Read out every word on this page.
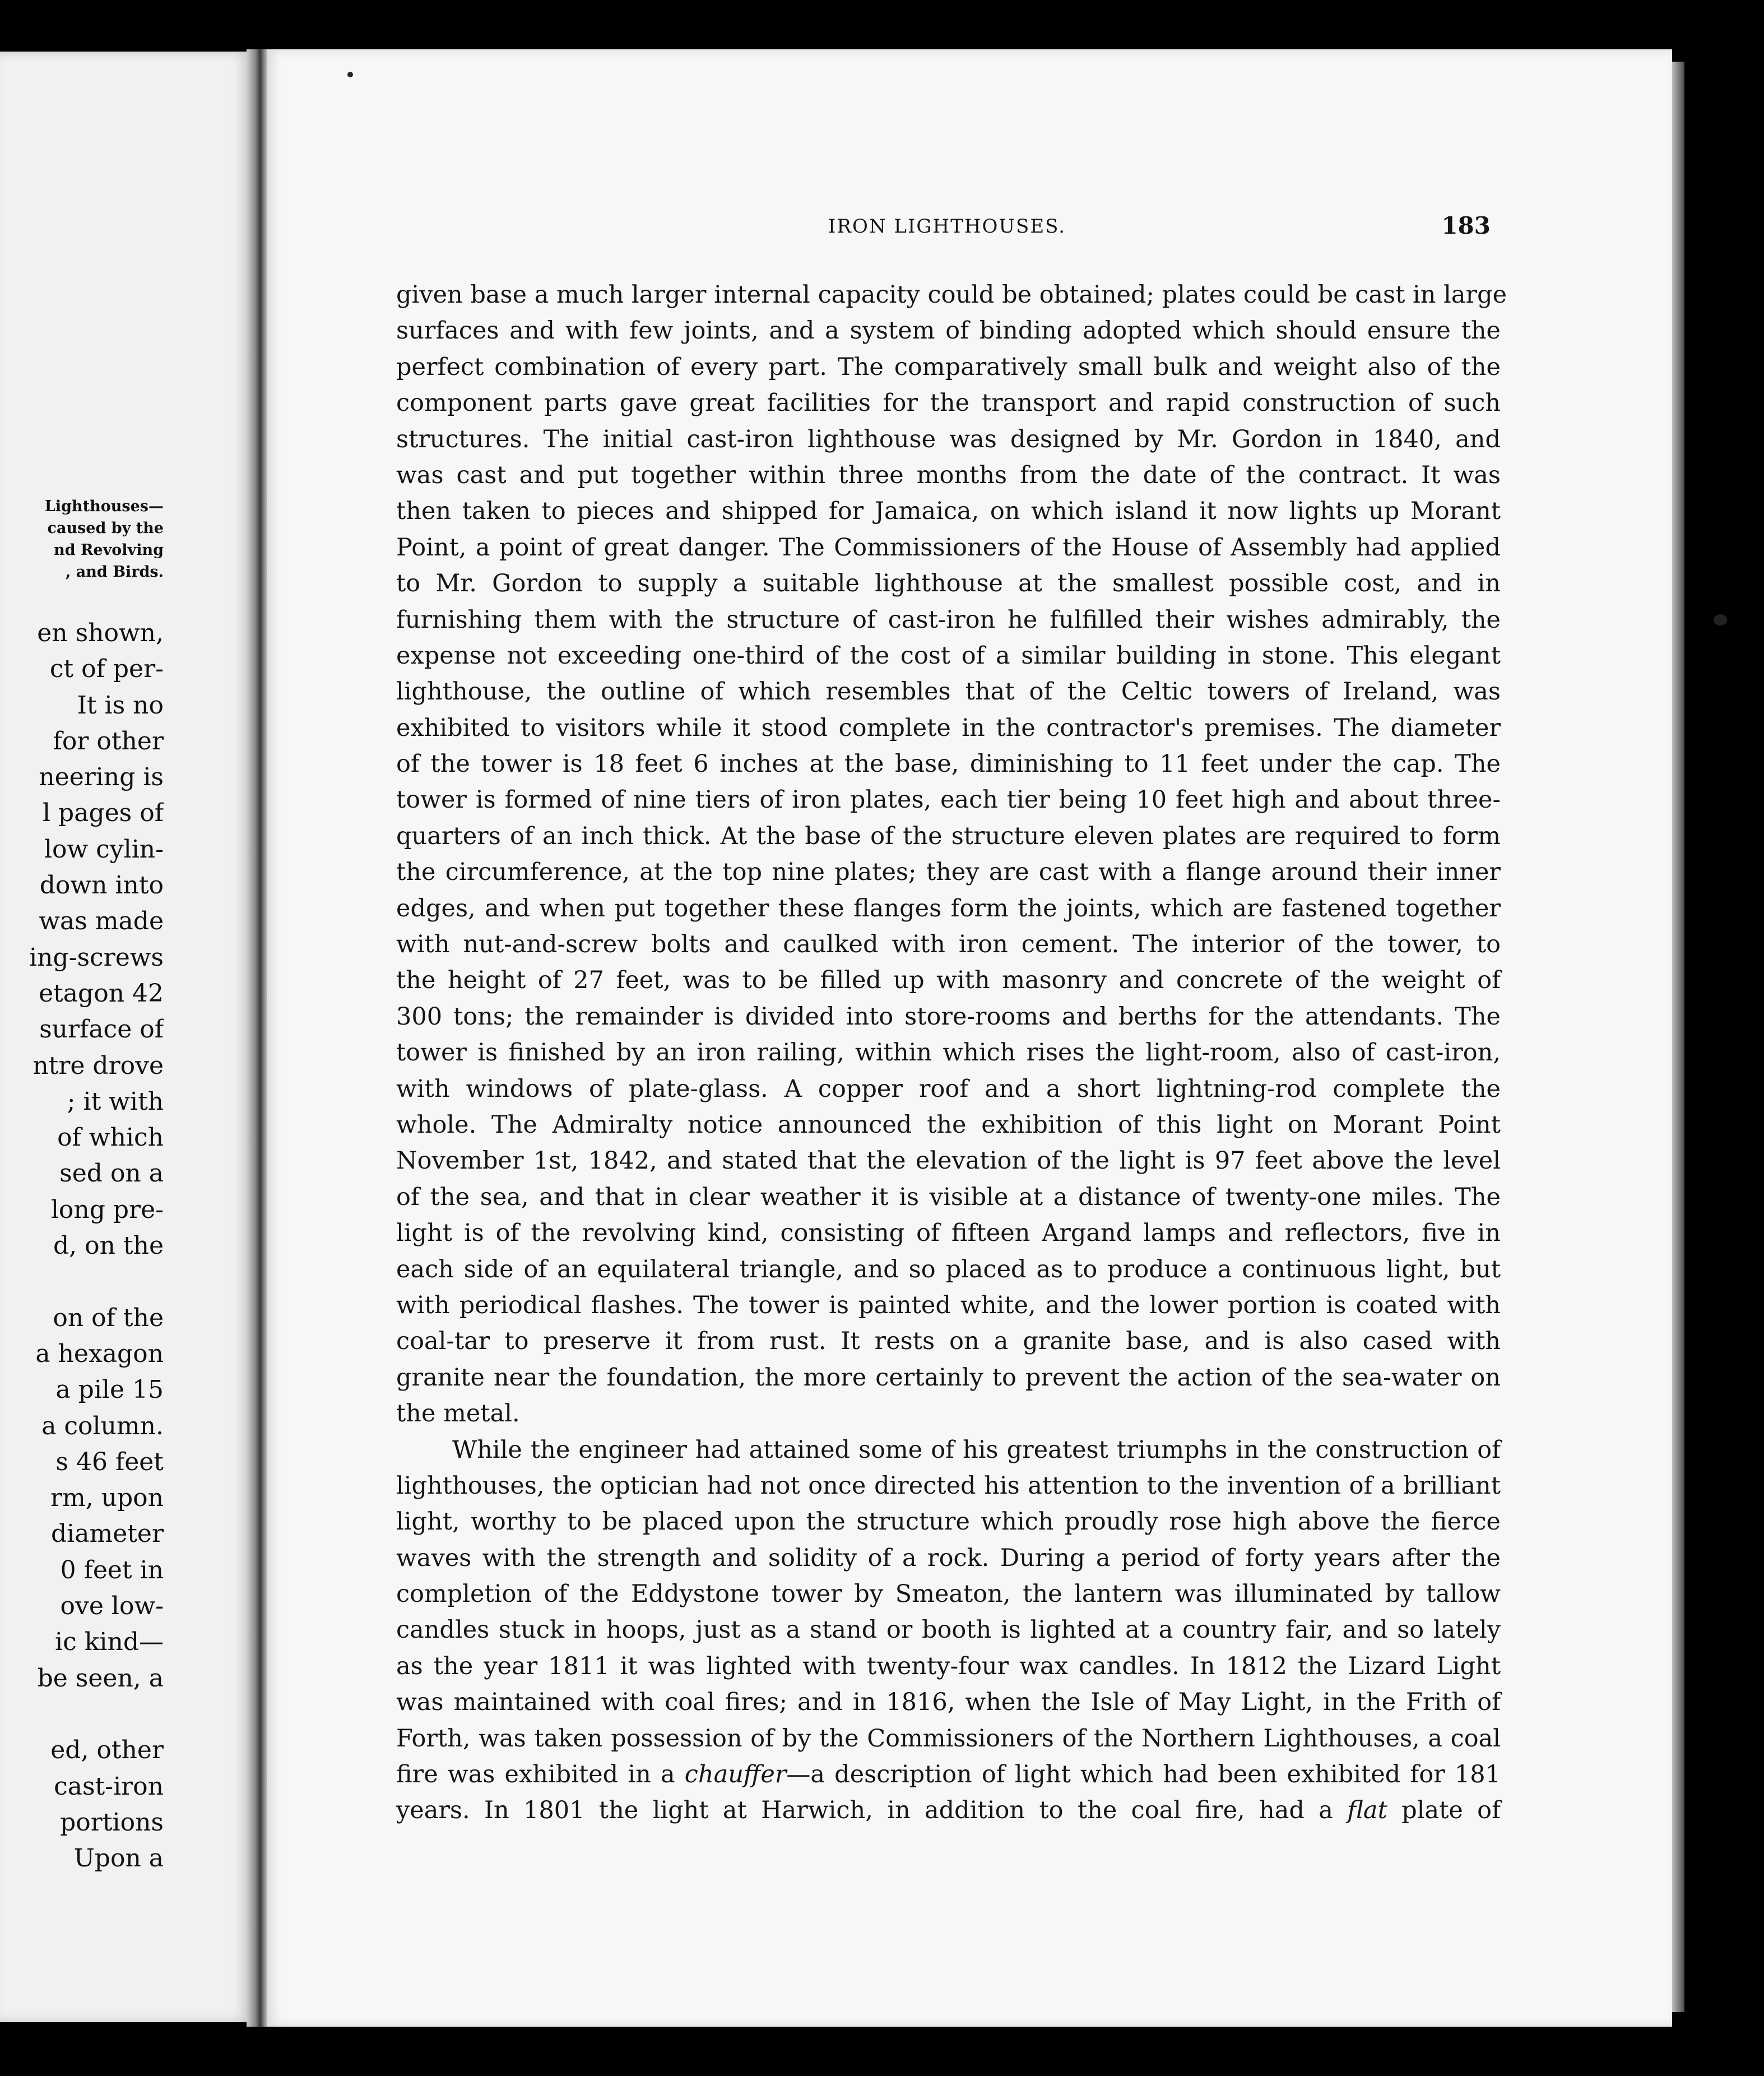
Lighthouses—
caused by the
nd Revolving
, and Birds.
en shown,
ct of per-
It is no
for other
neering is
l pages of
low cylin-
down into
was made
ing-screws
etagon 42
surface of
ntre drove
; it with
of which
sed on a
long pre-
d, on the
on of the
a hexagon
a pile 15
a column.
s 46 feet
rm, upon
diameter
0 feet in
ove low-
ic kind—
be seen, a
ed, other
cast-iron
portions
Upon a
IRON LIGHTHOUSES.	183
given base a much larger internal capacity could be obtained; plates could be cast in large
surfaces and with few joints, and a system of binding adopted which should ensure the
perfect combination of every part. The comparatively small bulk and weight also of the
component parts gave great facilities for the transport and rapid construction of such
structures. The initial cast-iron lighthouse was designed by Mr. Gordon in 1840, and
was cast and put together within three months from the date of the contract. It was
then taken to pieces and shipped for Jamaica, on which island it now lights up Morant
Point, a point of great danger. The Commissioners of the House of Assembly had applied
to Mr. Gordon to supply a suitable lighthouse at the smallest possible cost, and in
furnishing them with the structure of cast-iron he fulfilled their wishes admirably, the
expense not exceeding one-third of the cost of a similar building in stone. This elegant
lighthouse, the outline of which resembles that of the Celtic towers of Ireland, was
exhibited to visitors while it stood complete in the contractor's premises. The diameter
of the tower is 18 feet 6 inches at the base, diminishing to 11 feet under the cap. The
tower is formed of nine tiers of iron plates, each tier being 10 feet high and about three-
quarters of an inch thick. At the base of the structure eleven plates are required to form
the circumference, at the top nine plates; they are cast with a flange around their inner
edges, and when put together these flanges form the joints, which are fastened together
with nut-and-screw bolts and caulked with iron cement. The interior of the tower, to
the height of 27 feet, was to be filled up with masonry and concrete of the weight of
300 tons; the remainder is divided into store-rooms and berths for the attendants. The
tower is finished by an iron railing, within which rises the light-room, also of cast-iron,
with windows of plate-glass. A copper roof and a short lightning-rod complete the
whole. The Admiralty notice announced the exhibition of this light on Morant Point
November 1st, 1842, and stated that the elevation of the light is 97 feet above the level
of the sea, and that in clear weather it is visible at a distance of twenty-one miles. The
light is of the revolving kind, consisting of fifteen Argand lamps and reflectors, five in
each side of an equilateral triangle, and so placed as to produce a continuous light, but
with periodical flashes. The tower is painted white, and the lower portion is coated with
coal-tar to preserve it from rust. It rests on a granite base, and is also cased with
granite near the foundation, the more certainly to prevent the action of the sea-water on
the metal.
While the engineer had attained some of his greatest triumphs in the construction of
lighthouses, the optician had not once directed his attention to the invention of a brilliant
light, worthy to be placed upon the structure which proudly rose high above the fierce
waves with the strength and solidity of a rock. During a period of forty years after the
completion of the Eddystone tower by Smeaton, the lantern was illuminated by tallow
candles stuck in hoops, just as a stand or booth is lighted at a country fair, and so lately
as the year 1811 it was lighted with twenty-four wax candles. In 1812 the Lizard Light
was maintained with coal fires; and in 1816, when the Isle of May Light, in the Frith of
Forth, was taken possession of by the Commissioners of the Northern Lighthouses, a coal
fire was exhibited in a chauffer—a description of light which had been exhibited for 181
years. In 1801 the light at Harwich, in addition to the coal fire, had a flat plate of
